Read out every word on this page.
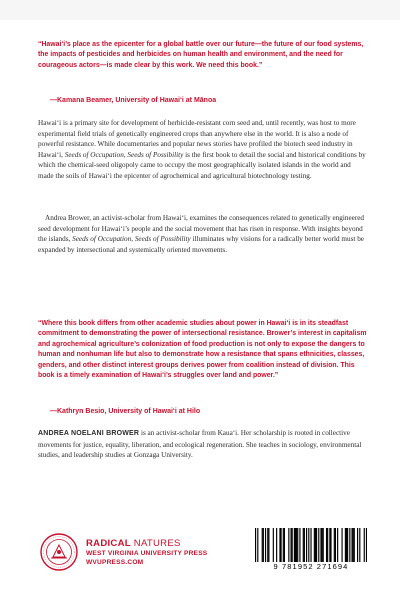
“Hawai‘i’s place as the epicenter for a global battle over our future—the future of our food systems, the impacts of pesticides and herbicides on human health and environment, and the need for courageous actors—is made clear by this work. We need this book.”

—Kamana Beamer, University of Hawai‘i at Mānoa

Hawai‘i is a primary site for development of herbicide-resistant corn seed and, until recently, was host to more experimental field trials of genetically engineered crops than anywhere else in the world. It is also a node of powerful resistance. While documentaries and popular news stories have profiled the biotech seed industry in Hawai‘i, Seeds of Occupation, Seeds of Possibility is the first book to detail the social and historical conditions by which the chemical-seed oligopoly came to occupy the most geographically isolated islands in the world and made the soils of Hawai‘i the epicenter of agrochemical and agricultural biotechnology testing.

Andrea Brower, an activist-scholar from Hawai‘i, examines the consequences related to genetically engineered seed development for Hawai‘i’s people and the social movement that has risen in response. With insights beyond the islands, Seeds of Occupation, Seeds of Possibility illuminates why visions for a radically better world must be expanded by intersectional and systemically oriented movements.

“Where this book differs from other academic studies about power in Hawai‘i is in its steadfast commitment to demonstrating the power of intersectional resistance. Brower’s interest in capitalism and agrochemical agriculture’s colonization of food production is not only to expose the dangers to human and nonhuman life but also to demonstrate how a resistance that spans ethnicities, classes, genders, and other distinct interest groups derives power from coalition instead of division. This book is a timely examination of Hawai‘i’s struggles over land and power.”

—Kathryn Besio, University of Hawai‘i at Hilo

ANDREA NOELANI BROWER is an activist-scholar from Kaua‘i. Her scholarship is rooted in collective movements for justice, equality, liberation, and ecological regeneration. She teaches in sociology, environmental studies, and leadership studies at Gonzaga University.

RADICAL NATURES
WEST VIRGINIA UNIVERSITY PRESS
WVUPRESS.COM	9 781952 271694
